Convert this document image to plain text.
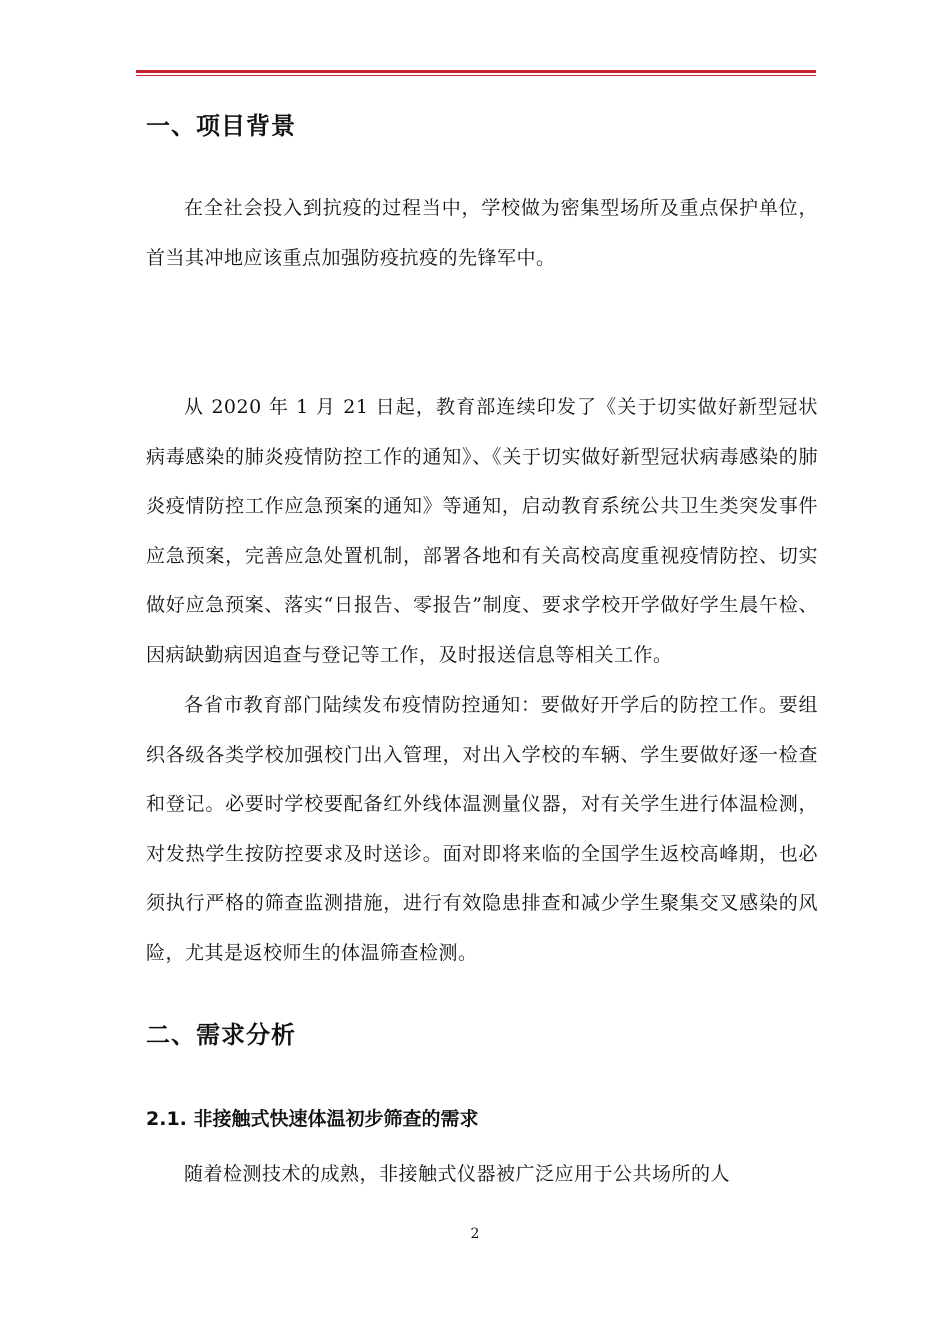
一、项目背景

在全社会投入到抗疫的过程当中，学校做为密集型场所及重点保护单位，首当其冲地应该重点加强防疫抗疫的先锋军中。

从 2020 年 1 月 21 日起，教育部连续印发了《关于切实做好新型冠状病毒感染的肺炎疫情防控工作的通知》、《关于切实做好新型冠状病毒感染的肺炎疫情防控工作应急预案的通知》等通知，启动教育系统公共卫生类突发事件应急预案，完善应急处置机制，部署各地和有关高校高度重视疫情防控、切实做好应急预案、落实“日报告、零报告”制度、要求学校开学做好学生晨午检、因病缺勤病因追查与登记等工作，及时报送信息等相关工作。

各省市教育部门陆续发布疫情防控通知：要做好开学后的防控工作。要组织各级各类学校加强校门出入管理，对出入学校的车辆、学生要做好逐一检查和登记。必要时学校要配备红外线体温测量仪器，对有关学生进行体温检测，对发热学生按防控要求及时送诊。面对即将来临的全国学生返校高峰期，也必须执行严格的筛查监测措施，进行有效隐患排查和减少学生聚集交叉感染的风险，尤其是返校师生的体温筛查检测。

二、需求分析
2.1. 非接触式快速体温初步筛查的需求

随着检测技术的成熟，非接触式仪器被广泛应用于公共场所的人

2
